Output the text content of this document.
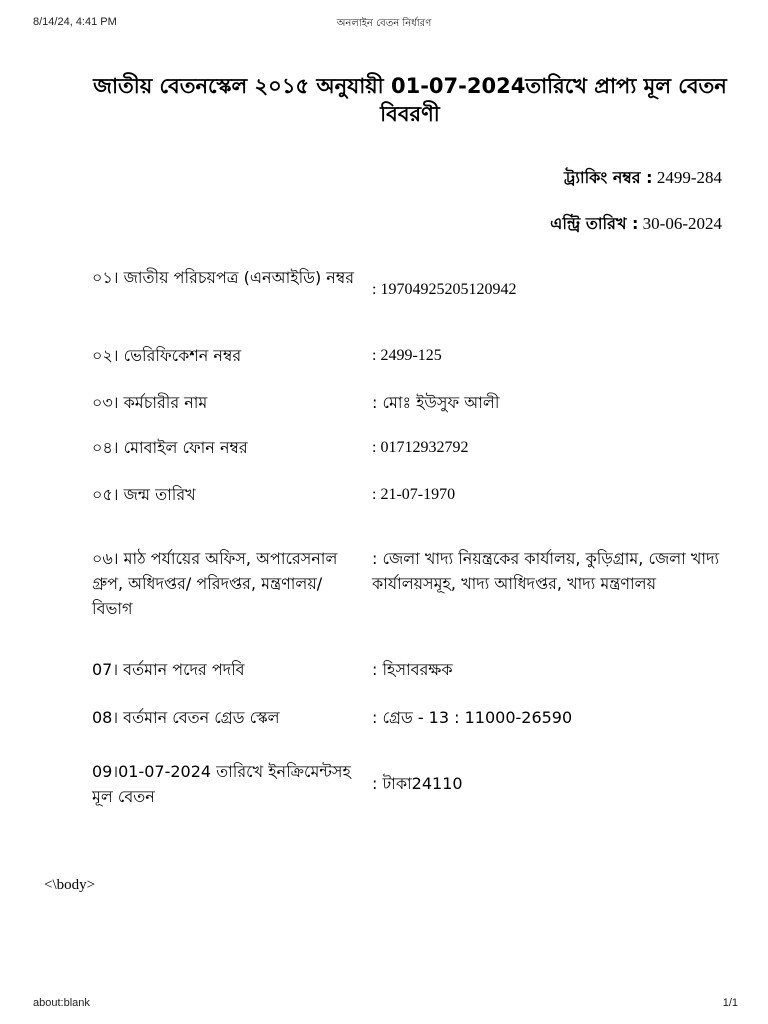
8/14/24, 4:41 PM	অনলাইন বেতন নির্ধারণ
জাতীয় বেতনস্কেল ২০১৫ অনুযায়ী 01-07-2024তারিখে প্রাপ্য মূল বেতন বিবরণী
ট্র্যাকিং নম্বর : 2499-284
এন্ট্রি তারিখ : 30-06-2024
০১। জাতীয় পরিচয়পত্র (এনআইডি) নম্বর
: 19704925205120942
০২। ভেরিফিকেশন নম্বর	: 2499-125
০৩। কর্মচারীর নাম	: মোঃ ইউসুফ আলী
০৪। মোবাইল ফোন নম্বর	: 01712932792
০৫। জন্ম তারিখ	: 21-07-1970
০৬। মাঠ পর্যায়ের অফিস, অপারেসনাল গ্রুপ, অধিদপ্তর/ পরিদপ্তর, মন্ত্রণালয়/বিভাগ
: জেলা খাদ্য নিয়ন্ত্রকের কার্যালয়, কুড়িগ্রাম, জেলা খাদ্য কার্যালয়সমূহ, খাদ্য আধিদপ্তর, খাদ্য মন্ত্রণালয়
07। বর্তমান পদের পদবি	: হিসাবরক্ষক
08। বর্তমান বেতন গ্রেড স্কেল	: গ্রেড - 13 : 11000-26590
09।01-07-2024 তারিখে ইনক্রিমেন্টসহ মূল বেতন
: টাকা24110
<\body>
about:blank	1/1
